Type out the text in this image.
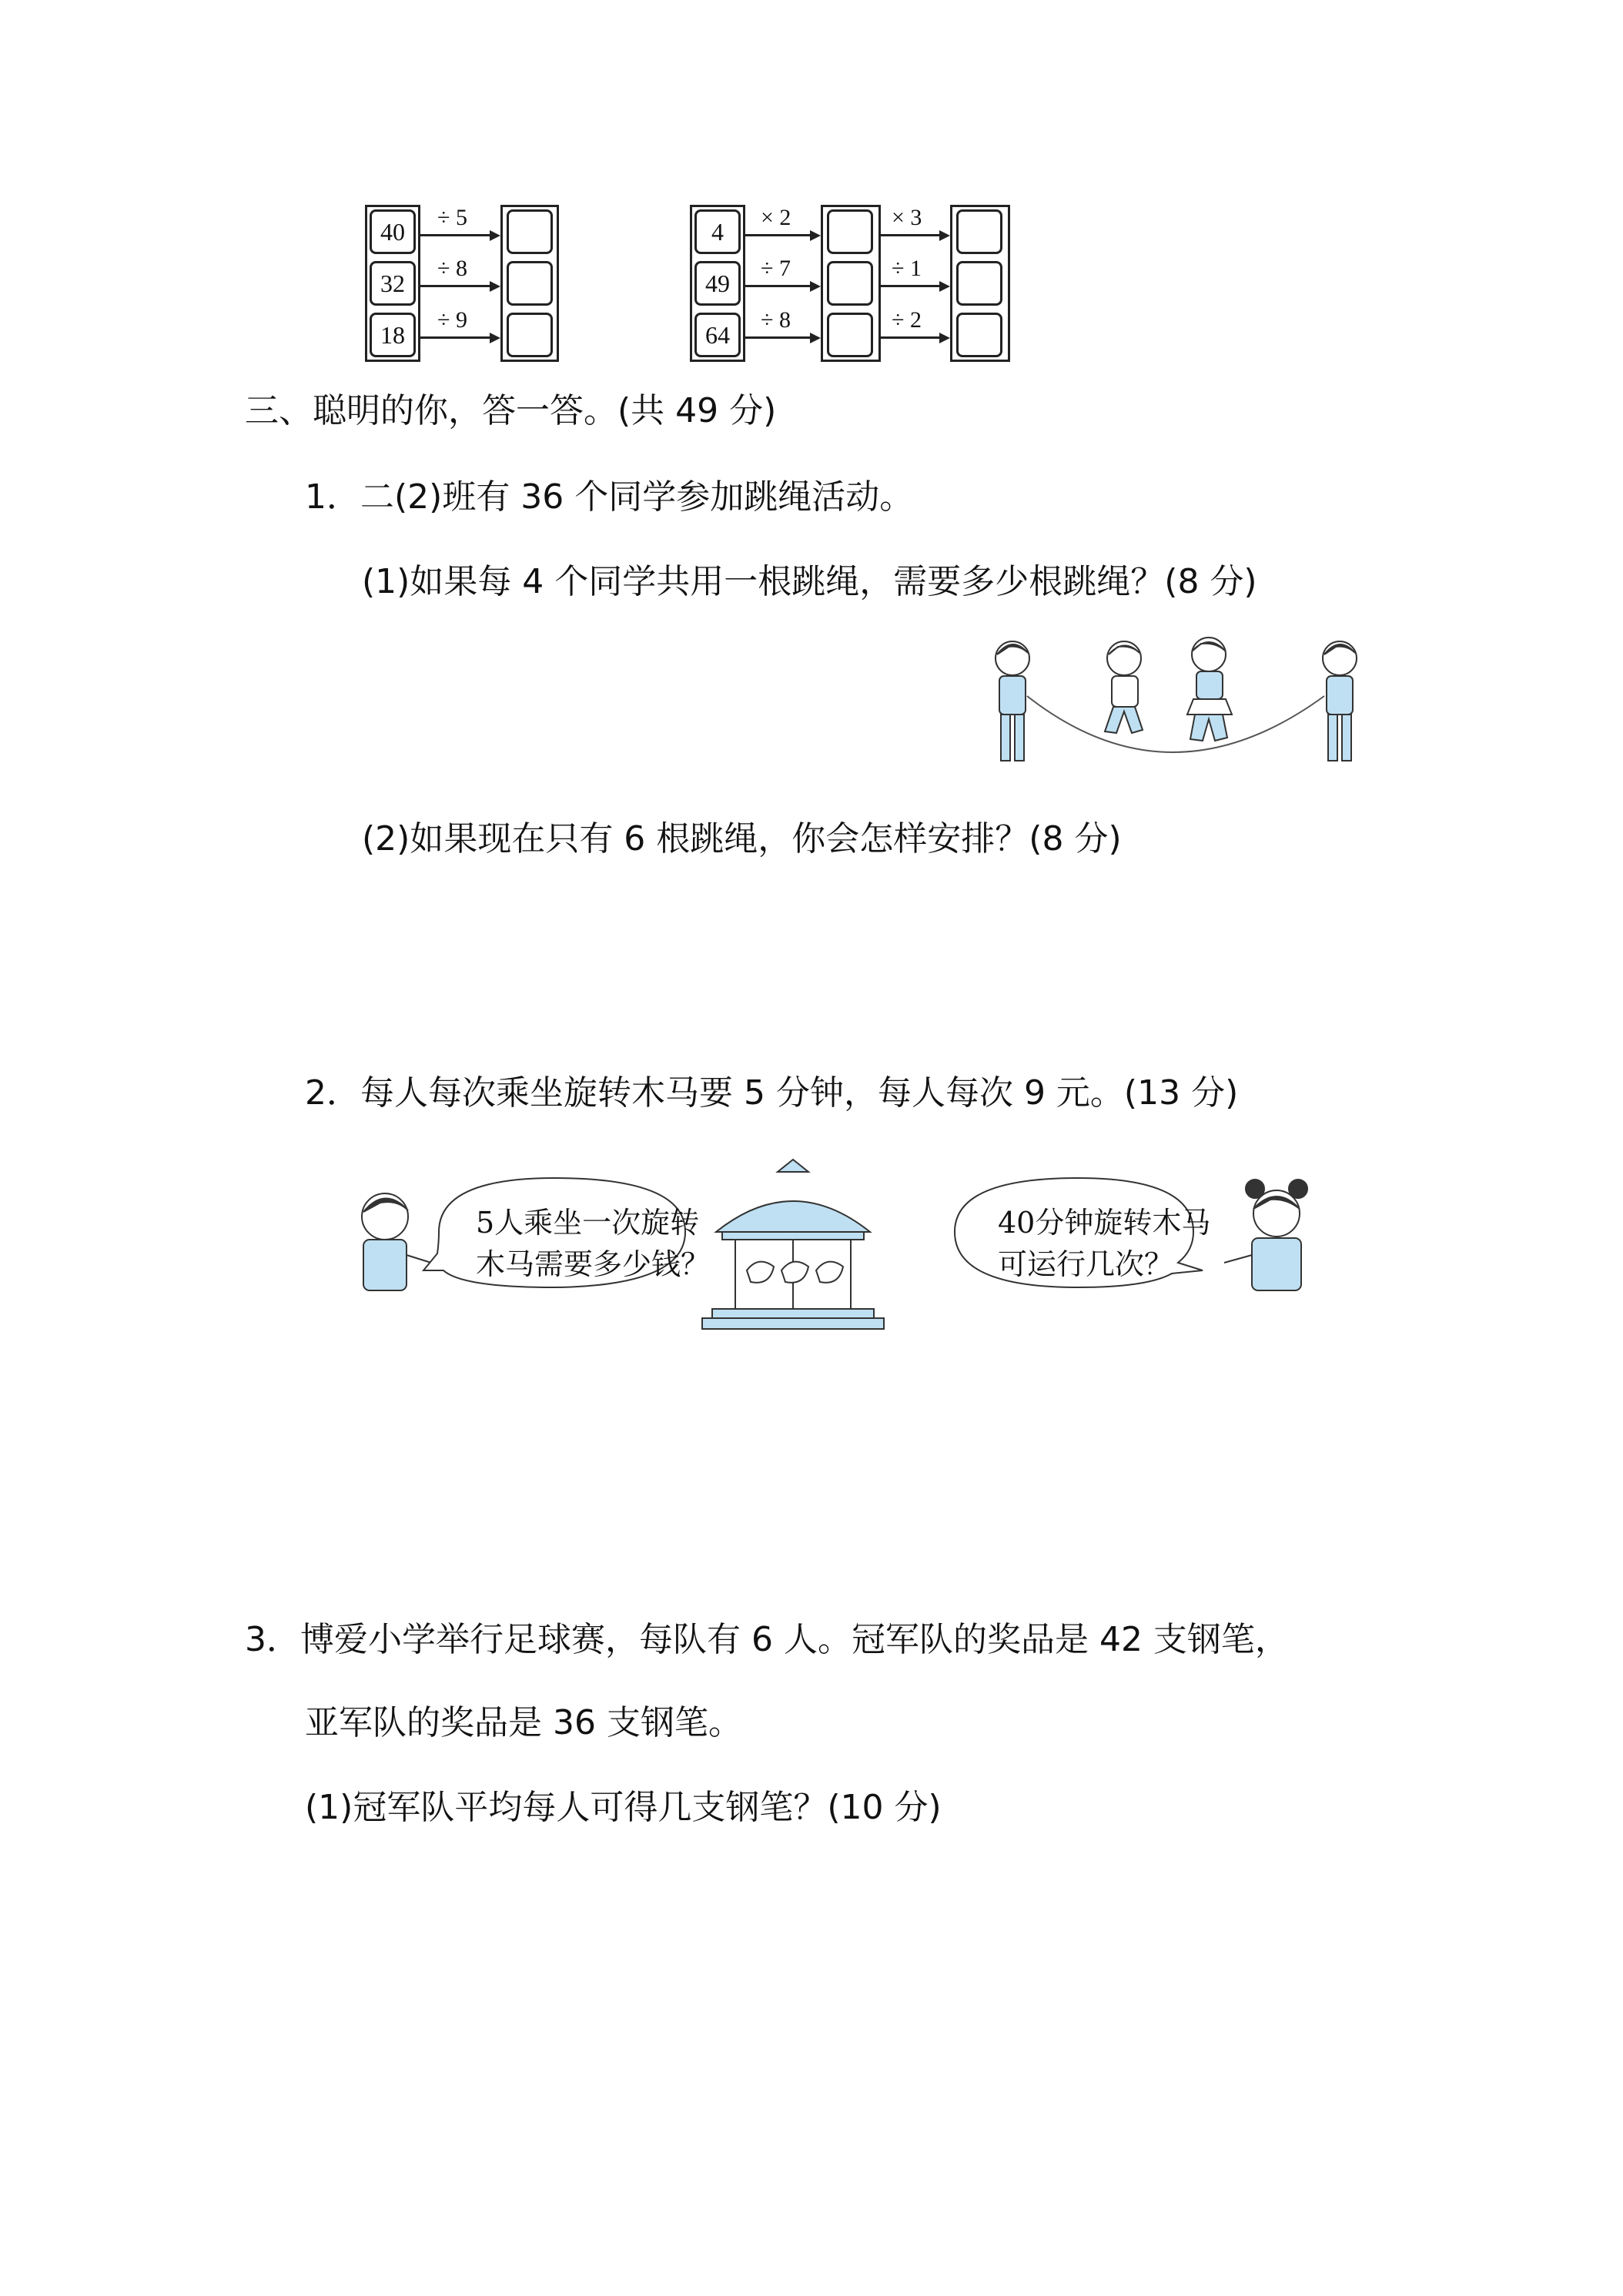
40
32
18
÷ 5
÷ 8
÷ 9
4
49
64
× 2
÷ 7
÷ 8
× 3
÷ 1
÷ 2
三、聪明的你，答一答。(共 49 分)
1．二(2)班有 36 个同学参加跳绳活动。
(1)如果每 4 个同学共用一根跳绳，需要多少根跳绳？(8 分)
(2)如果现在只有 6 根跳绳，你会怎样安排？(8 分)
2．每人每次乘坐旋转木马要 5 分钟，每人每次 9 元。(13 分)
5人乘坐一次旋转
木马需要多少钱？
40分钟旋转木马
可运行几次？
3．博爱小学举行足球赛，每队有 6 人。冠军队的奖品是 42 支钢笔，
亚军队的奖品是 36 支钢笔。
(1)冠军队平均每人可得几支钢笔？(10 分)
